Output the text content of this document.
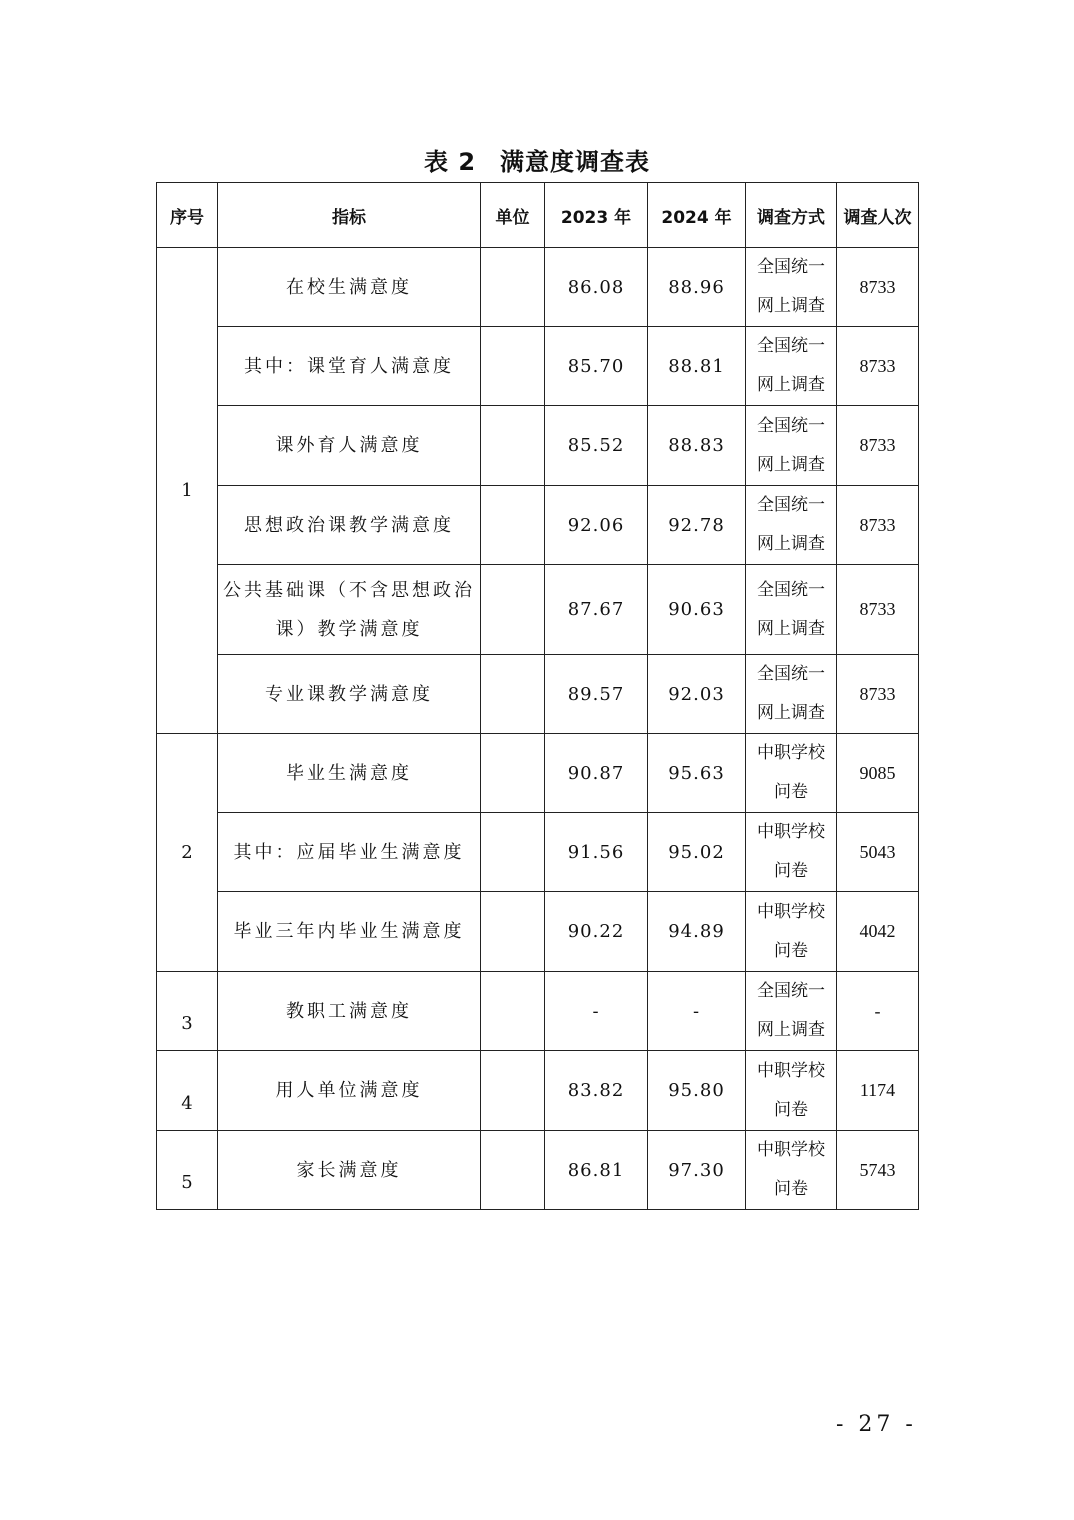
表 2 满意度调查表
序号	指标	单位	2023 年	2024 年	调查方式	调查人次
1	在校生满意度		86.08	88.96	全国统一网上调查	8733
	其中：课堂育人满意度		85.70	88.81	全国统一网上调查	8733
	课外育人满意度		85.52	88.83	全国统一网上调查	8733
	思想政治课教学满意度		92.06	92.78	全国统一网上调查	8733
	公共基础课（不含思想政治课）教学满意度		87.67	90.63	全国统一网上调查	8733
	专业课教学满意度		89.57	92.03	全国统一网上调查	8733
2	毕业生满意度		90.87	95.63	中职学校问卷	9085
	其中：应届毕业生满意度		91.56	95.02	中职学校问卷	5043
	毕业三年内毕业生满意度		90.22	94.89	中职学校问卷	4042
3	教职工满意度		-	-	全国统一网上调查	-
4	用人单位满意度		83.82	95.80	中职学校问卷	1174
5	家长满意度		86.81	97.30	中职学校问卷	5743
- 27 -
